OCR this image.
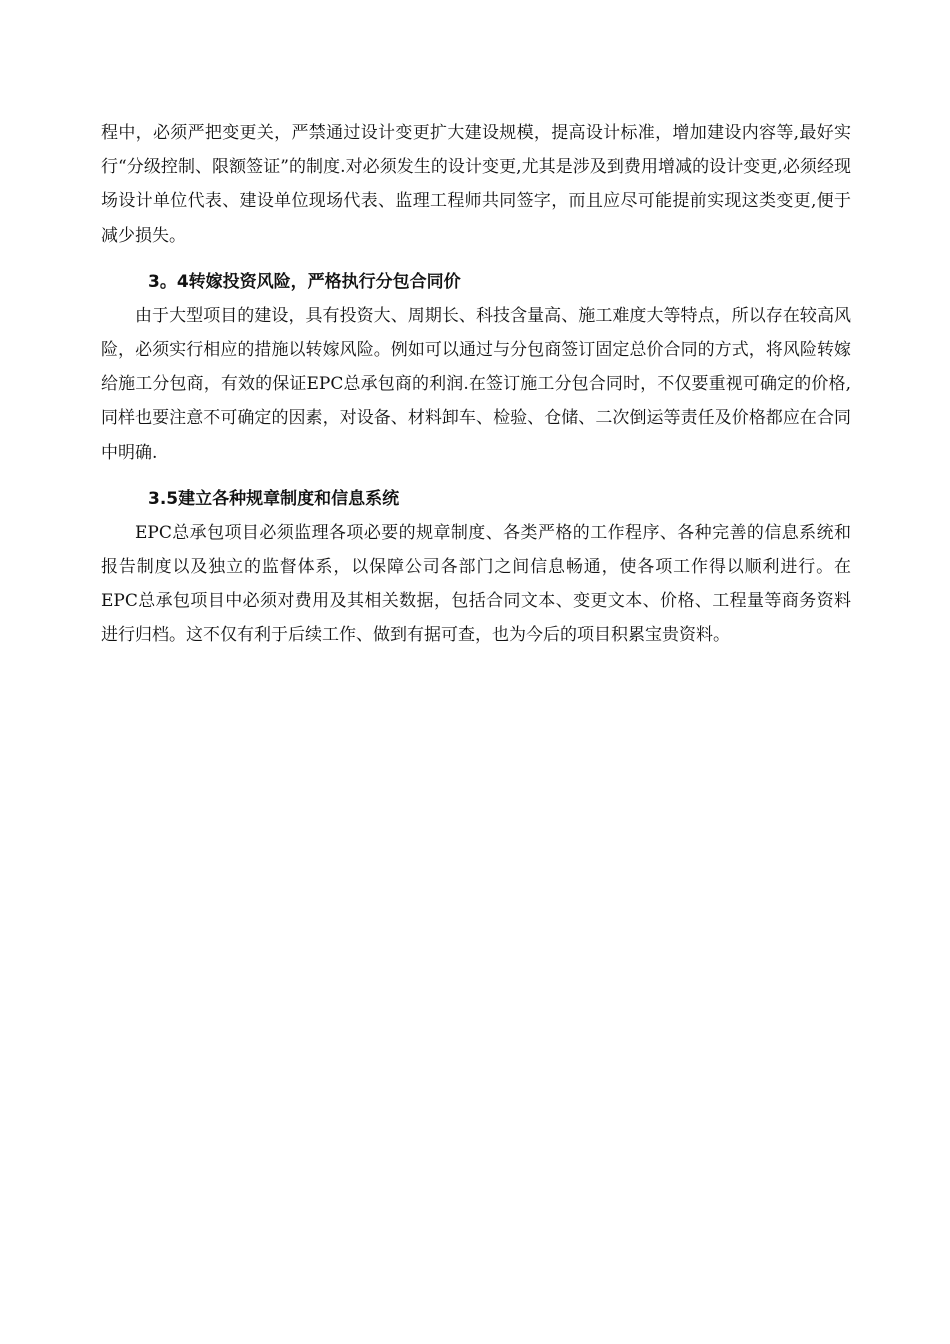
程中，必须严把变更关，严禁通过设计变更扩大建设规模，提高设计标准，增加建设内容等,最好实行“分级控制、限额签证”的制度.对必须发生的设计变更,尤其是涉及到费用增减的设计变更,必须经现场设计单位代表、建设单位现场代表、监理工程师共同签字，而且应尽可能提前实现这类变更,便于减少损失。

3。4转嫁投资风险，严格执行分包合同价

由于大型项目的建设，具有投资大、周期长、科技含量高、施工难度大等特点，所以存在较高风险，必须实行相应的措施以转嫁风险。例如可以通过与分包商签订固定总价合同的方式，将风险转嫁给施工分包商，有效的保证EPC总承包商的利润.在签订施工分包合同时，不仅要重视可确定的价格,同样也要注意不可确定的因素，对设备、材料卸车、检验、仓储、二次倒运等责任及价格都应在合同中明确.

3.5建立各种规章制度和信息系统

EPC总承包项目必须监理各项必要的规章制度、各类严格的工作程序、各种完善的信息系统和报告制度以及独立的监督体系，以保障公司各部门之间信息畅通，使各项工作得以顺利进行。在EPC总承包项目中必须对费用及其相关数据，包括合同文本、变更文本、价格、工程量等商务资料进行归档。这不仅有利于后续工作、做到有据可查，也为今后的项目积累宝贵资料。
